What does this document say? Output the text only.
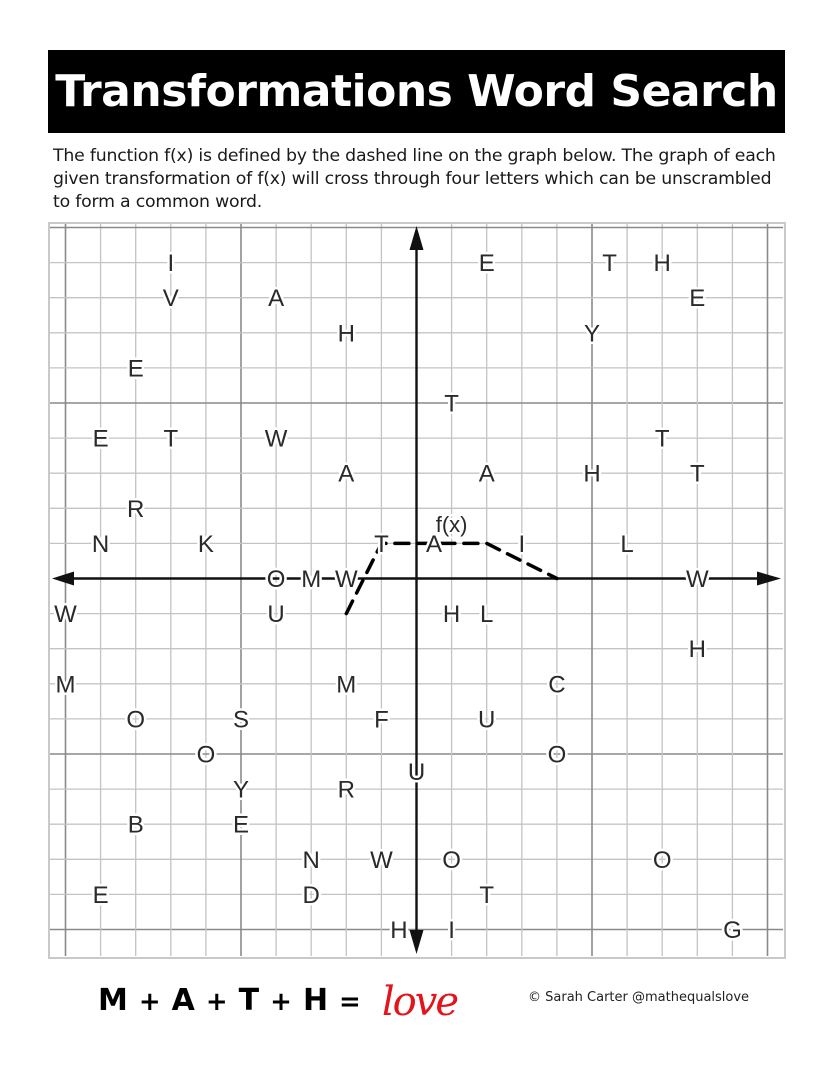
Transformations Word Search
The function f(x) is defined by the dashed line on the graph below. The graph of each given transformation of f(x) will cross through four letters which can be unscrambled to form a common word.
I
V	A
H
E
E T	W
A
R
N	K	T A	I	L
E	T H
E
Y
T
T
A	H	T
O M W	W
W	U	H L
H
M	M	C
O	S	F	U
O	O
U
Y	R
B	E
N W O	O
E	D	T
H I	G
f(x)
M + A + T + H = love	© Sarah Carter @mathequalslove
